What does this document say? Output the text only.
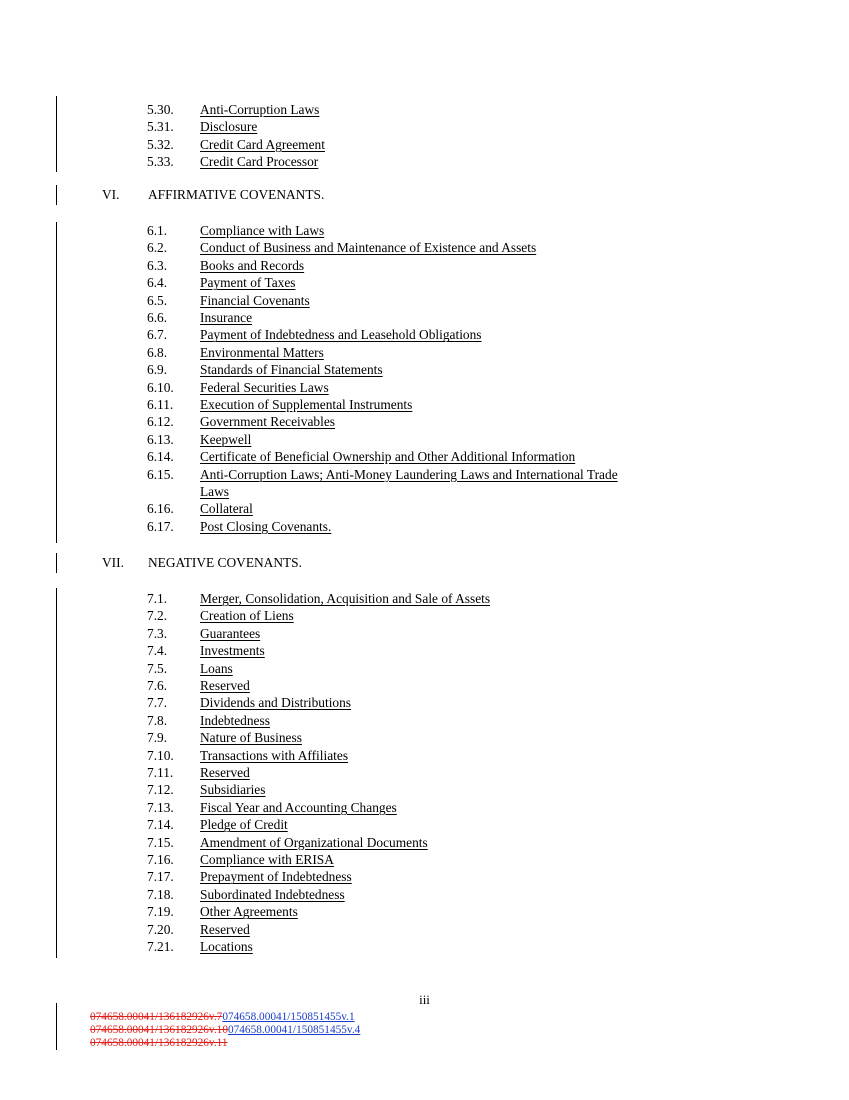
5.30. Anti-Corruption Laws
5.31. Disclosure
5.32. Credit Card Agreement
5.33. Credit Card Processor
VI. AFFIRMATIVE COVENANTS.
6.1. Compliance with Laws
6.2. Conduct of Business and Maintenance of Existence and Assets
6.3. Books and Records
6.4. Payment of Taxes
6.5. Financial Covenants
6.6. Insurance
6.7. Payment of Indebtedness and Leasehold Obligations
6.8. Environmental Matters
6.9. Standards of Financial Statements
6.10. Federal Securities Laws
6.11. Execution of Supplemental Instruments
6.12. Government Receivables
6.13. Keepwell
6.14. Certificate of Beneficial Ownership and Other Additional Information
6.15. Anti-Corruption Laws; Anti-Money Laundering Laws and International Trade
Laws
6.16. Collateral
6.17. Post Closing Covenants.
VII. NEGATIVE COVENANTS.
7.1. Merger, Consolidation, Acquisition and Sale of Assets
7.2. Creation of Liens
7.3. Guarantees
7.4. Investments
7.5. Loans
7.6. Reserved
7.7. Dividends and Distributions
7.8. Indebtedness
7.9. Nature of Business
7.10. Transactions with Affiliates
7.11. Reserved
7.12. Subsidiaries
7.13. Fiscal Year and Accounting Changes
7.14. Pledge of Credit
7.15. Amendment of Organizational Documents
7.16. Compliance with ERISA
7.17. Prepayment of Indebtedness
7.18. Subordinated Indebtedness
7.19. Other Agreements
7.20. Reserved
7.21. Locations
iii
074658.00041/136182926v.7074658.00041/150851455v.1
074658.00041/136182926v.10074658.00041/150851455v.4
074658.00041/136182926v.11
